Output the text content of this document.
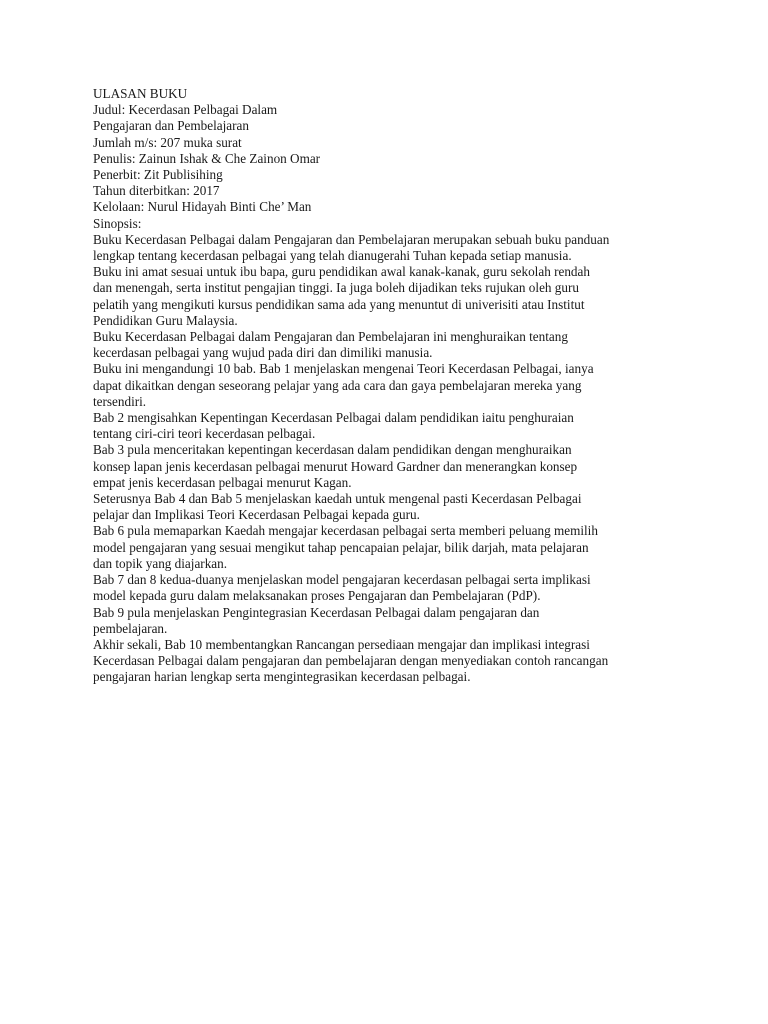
ULASAN BUKU
Judul: Kecerdasan Pelbagai Dalam
Pengajaran dan Pembelajaran
Jumlah m/s: 207 muka surat
Penulis: Zainun Ishak & Che Zainon Omar
Penerbit: Zit Publisihing
Tahun diterbitkan: 2017
Kelolaan: Nurul Hidayah Binti Che’ Man
Sinopsis:

Buku Kecerdasan Pelbagai dalam Pengajaran dan Pembelajaran merupakan sebuah buku panduan
lengkap tentang kecerdasan pelbagai yang telah dianugerahi Tuhan kepada setiap manusia.

Buku ini amat sesuai untuk ibu bapa, guru pendidikan awal kanak-kanak, guru sekolah rendah
dan menengah, serta institut pengajian tinggi. Ia juga boleh dijadikan teks rujukan oleh guru
pelatih yang mengikuti kursus pendidikan sama ada yang menuntut di univerisiti atau Institut
Pendidikan Guru Malaysia.

Buku Kecerdasan Pelbagai dalam Pengajaran dan Pembelajaran ini menghuraikan tentang
kecerdasan pelbagai yang wujud pada diri dan dimiliki manusia.

Buku ini mengandungi 10 bab. Bab 1 menjelaskan mengenai Teori Kecerdasan Pelbagai, ianya
dapat dikaitkan dengan seseorang pelajar yang ada cara dan gaya pembelajaran mereka yang
tersendiri.

Bab 2 mengisahkan Kepentingan Kecerdasan Pelbagai dalam pendidikan iaitu penghuraian
tentang ciri-ciri teori kecerdasan pelbagai.

Bab 3 pula menceritakan kepentingan kecerdasan dalam pendidikan dengan menghuraikan
konsep lapan jenis kecerdasan pelbagai menurut Howard Gardner dan menerangkan konsep
empat jenis kecerdasan pelbagai menurut Kagan.

Seterusnya Bab 4 dan Bab 5 menjelaskan kaedah untuk mengenal pasti Kecerdasan Pelbagai
pelajar dan Implikasi Teori Kecerdasan Pelbagai kepada guru.

Bab 6 pula memaparkan Kaedah mengajar kecerdasan pelbagai serta memberi peluang memilih
model pengajaran yang sesuai mengikut tahap pencapaian pelajar, bilik darjah, mata pelajaran
dan topik yang diajarkan.

Bab 7 dan 8 kedua-duanya menjelaskan model pengajaran kecerdasan pelbagai serta implikasi
model kepada guru dalam melaksanakan proses Pengajaran dan Pembelajaran (PdP).

Bab 9 pula menjelaskan Pengintegrasian Kecerdasan Pelbagai dalam pengajaran dan
pembelajaran.

Akhir sekali, Bab 10 membentangkan Rancangan persediaan mengajar dan implikasi integrasi
Kecerdasan Pelbagai dalam pengajaran dan pembelajaran dengan menyediakan contoh rancangan
pengajaran harian lengkap serta mengintegrasikan kecerdasan pelbagai.
